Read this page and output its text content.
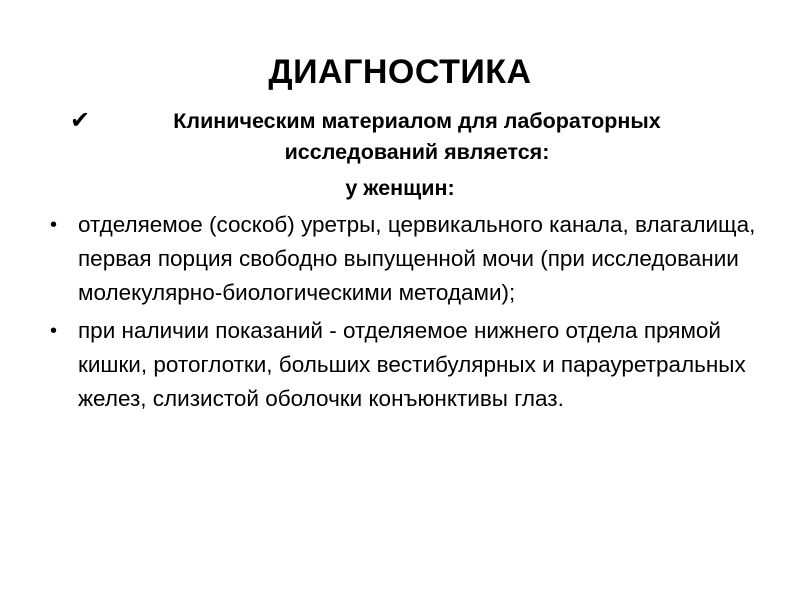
ДИАГНОСТИКА
✔	Клиническим материалом для лабораторных исследований является:
у женщин:
• отделяемое (соскоб) уретры, цервикального канала, влагалища, первая порция свободно выпущенной мочи (при исследовании молекулярно-биологическими методами);
• при наличии показаний - отделяемое нижнего отдела прямой кишки, ротоглотки, больших вестибулярных и парауретральных желез, слизистой оболочки конъюнктивы глаз.
